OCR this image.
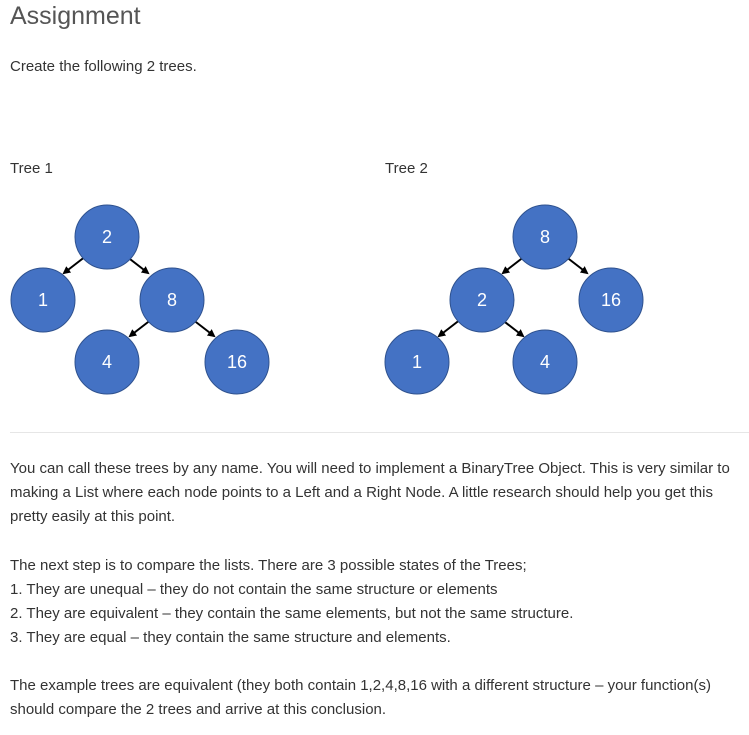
Assignment
Create the following 2 trees.
Tree 1	Tree 2
2
1	8
4	16
8
2	16
1	4

You can call these trees by any name. You will need to implement a BinaryTree Object. This is very similar to making a List where each node points to a Left and a Right Node. A little research should help you get this pretty easily at this point.

The next step is to compare the lists. There are 3 possible states of the Trees;

1. They are unequal – they do not contain the same structure or elements

2. They are equivalent – they contain the same elements, but not the same structure.

3. They are equal – they contain the same structure and elements.

The example trees are equivalent (they both contain 1,2,4,8,16 with a different structure – your function(s) should compare the 2 trees and arrive at this conclusion.
